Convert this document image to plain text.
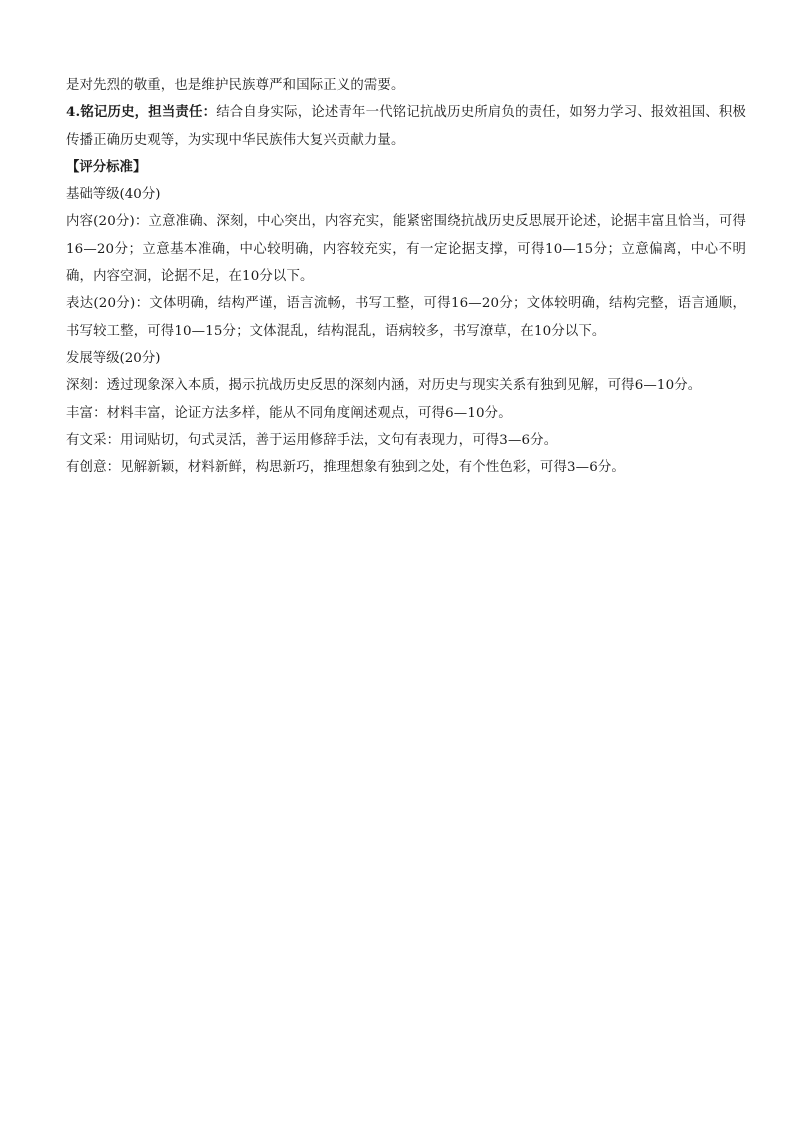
是对先烈的敬重，也是维护民族尊严和国际正义的需要。

4.铭记历史，担当责任：结合自身实际，论述青年一代铭记抗战历史所肩负的责任，如努力学习、报效祖国、积极传播正确历史观等，为实现中华民族伟大复兴贡献力量。

【评分标准】

基础等级(40分)

内容(20分)：立意准确、深刻，中心突出，内容充实，能紧密围绕抗战历史反思展开论述，论据丰富且恰当，可得16—20分；立意基本准确，中心较明确，内容较充实，有一定论据支撑，可得10—15分；立意偏离，中心不明确，内容空洞，论据不足，在10分以下。

表达(20分)：文体明确，结构严谨，语言流畅，书写工整，可得16—20分；文体较明确，结构完整，语言通顺，书写较工整，可得10—15分；文体混乱，结构混乱，语病较多，书写潦草，在10分以下。

发展等级(20分)

深刻：透过现象深入本质，揭示抗战历史反思的深刻内涵，对历史与现实关系有独到见解，可得6—10分。

丰富：材料丰富，论证方法多样，能从不同角度阐述观点，可得6—10分。

有文采：用词贴切，句式灵活，善于运用修辞手法，文句有表现力，可得3—6分。

有创意：见解新颖，材料新鲜，构思新巧，推理想象有独到之处，有个性色彩，可得3—6分。
